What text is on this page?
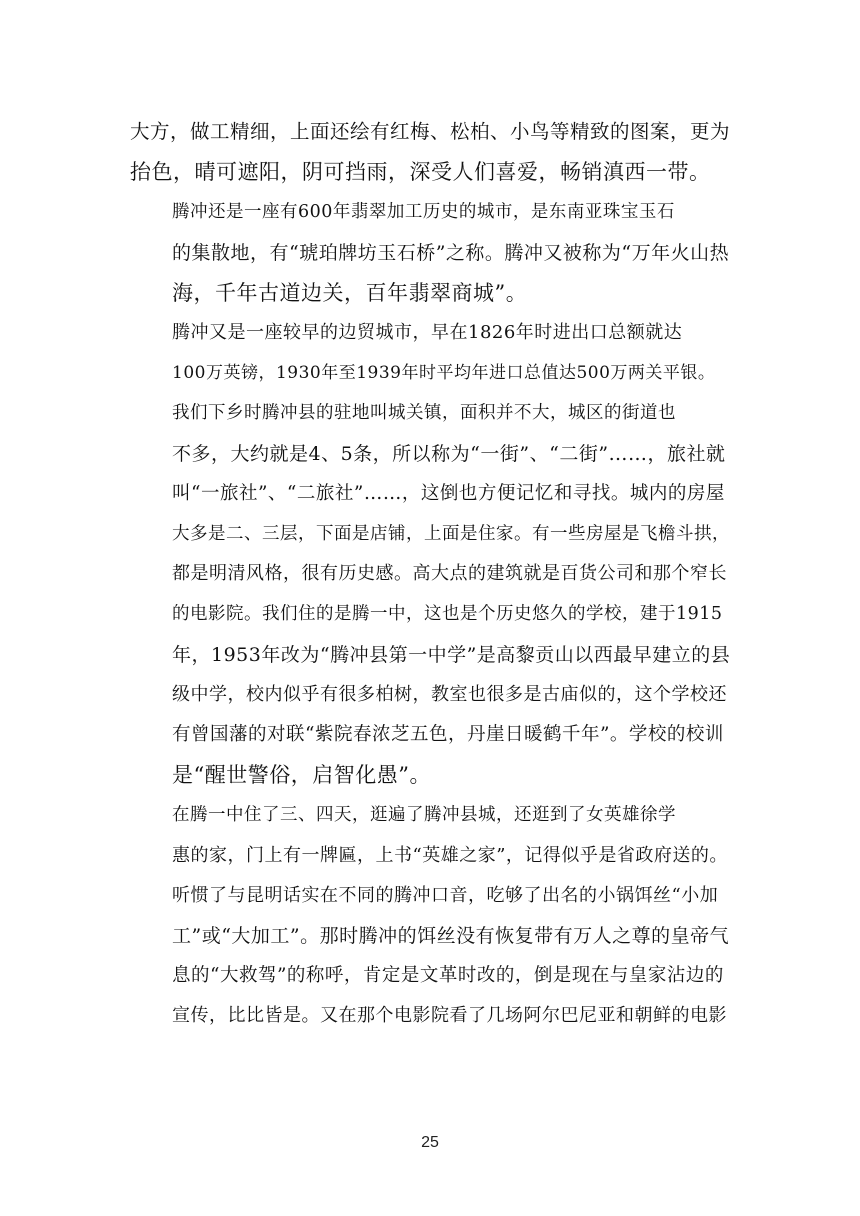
大方，做工精细，上面还绘有红梅、松柏、小鸟等精致的图案，更为
抬色，晴可遮阳，阴可挡雨，深受人们喜爱，畅销滇西一带。

腾冲还是一座有600年翡翠加工历史的城市，是东南亚珠宝玉石
的集散地，有“琥珀牌坊玉石桥”之称。腾冲又被称为“万年火山热
海，千年古道边关，百年翡翠商城”。

腾冲又是一座较早的边贸城市，早在1826年时进出口总额就达
100万英镑，1930年至1939年时平均年进口总值达500万两关平银。

我们下乡时腾冲县的驻地叫城关镇，面积并不大，城区的街道也
不多，大约就是4、5条，所以称为“一街”、“二街”……，旅社就
叫“一旅社”、“二旅社”……，这倒也方便记忆和寻找。城内的房屋
大多是二、三层，下面是店铺，上面是住家。有一些房屋是飞檐斗拱，
都是明清风格，很有历史感。高大点的建筑就是百货公司和那个窄长
的电影院。我们住的是腾一中，这也是个历史悠久的学校，建于1915
年，1953年改为“腾冲县第一中学”是高黎贡山以西最早建立的县
级中学，校内似乎有很多柏树，教室也很多是古庙似的，这个学校还
有曾国藩的对联“紫院春浓芝五色，丹崖日暖鹤千年”。学校的校训
是“醒世警俗，启智化愚”。

在腾一中住了三、四天，逛遍了腾冲县城，还逛到了女英雄徐学
惠的家，门上有一牌匾，上书“英雄之家”，记得似乎是省政府送的。
听惯了与昆明话实在不同的腾冲口音，吃够了出名的小锅饵丝“小加
工”或“大加工”。那时腾冲的饵丝没有恢复带有万人之尊的皇帝气
息的“大救驾”的称呼，肯定是文革时改的，倒是现在与皇家沾边的
宣传，比比皆是。又在那个电影院看了几场阿尔巴尼亚和朝鲜的电影

25
